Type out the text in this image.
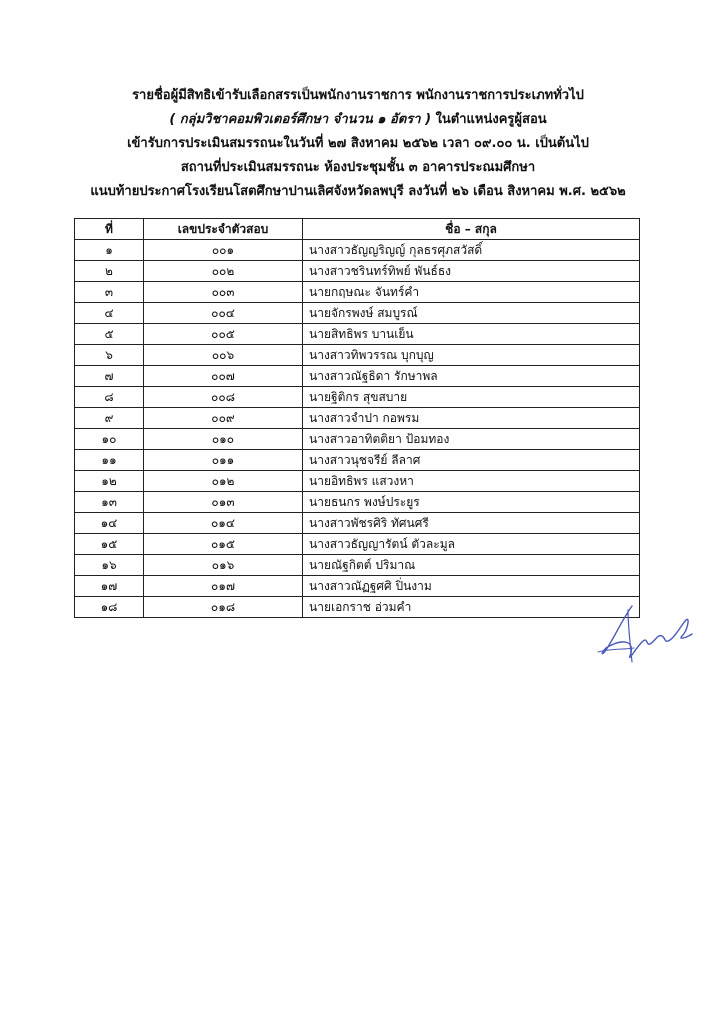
รายชื่อผู้มีสิทธิเข้ารับเลือกสรรเป็นพนักงานราชการ พนักงานราชการประเภททั่วไป
( กลุ่มวิชาคอมพิวเตอร์ศึกษา จำนวน ๑ อัตรา ) ในตำแหน่งครูผู้สอน
เข้ารับการประเมินสมรรถนะในวันที่ ๒๗ สิงหาคม ๒๕๖๒ เวลา ๐๙.๐๐ น. เป็นต้นไป
สถานที่ประเมินสมรรถนะ ห้องประชุมชั้น ๓ อาคารประณมศึกษา
แนบท้ายประกาศโรงเรียนโสตศึกษาปานเลิศจังหวัดลพบุรี ลงวันที่ ๒๖ เดือน สิงหาคม พ.ศ. ๒๕๖๒
ที่	เลขประจำตัวสอบ	ชื่อ – สกุล
๑	๐๐๑	นางสาวธัญญริญญ์ กุลธรศุภสวัสดิ์
๒	๐๐๒	นางสาวชรินทร์ทิพย์ พันธ์ธง
๓	๐๐๓	นายกฤษณะ จันทร์คำ
๔	๐๐๔	นายจักรพงษ์ สมบูรณ์
๕	๐๐๕	นายสิทธิพร บานเย็น
๖	๐๐๖	นางสาวทิพวรรณ บุกบุญ
๗	๐๐๗	นางสาวณัฐธิดา รักษาพล
๘	๐๐๘	นายฐิติกร สุขสบาย
๙	๐๐๙	นางสาวจำปา กอพรม
๑๐	๐๑๐	นางสาวอาทิตติยา ป้อมทอง
๑๑	๐๑๑	นางสาวนุชจรีย์ ลีลาศ
๑๒	๐๑๒	นายอิทธิพร แสวงหา
๑๓	๐๑๓	นายธนกร พงษ์ประยูร
๑๔	๐๑๔	นางสาวพัชรศิริ ทัศนศรี
๑๕	๐๑๕	นางสาวธัญญารัตน์ ตัวละมูล
๑๖	๐๑๖	นายณัฐกิตต์ ปริมาณ
๑๗	๐๑๗	นางสาวณัฏฐศศิ ปิ่นงาม
๑๘	๐๑๘	นายเอกราช อ่วมคำ
